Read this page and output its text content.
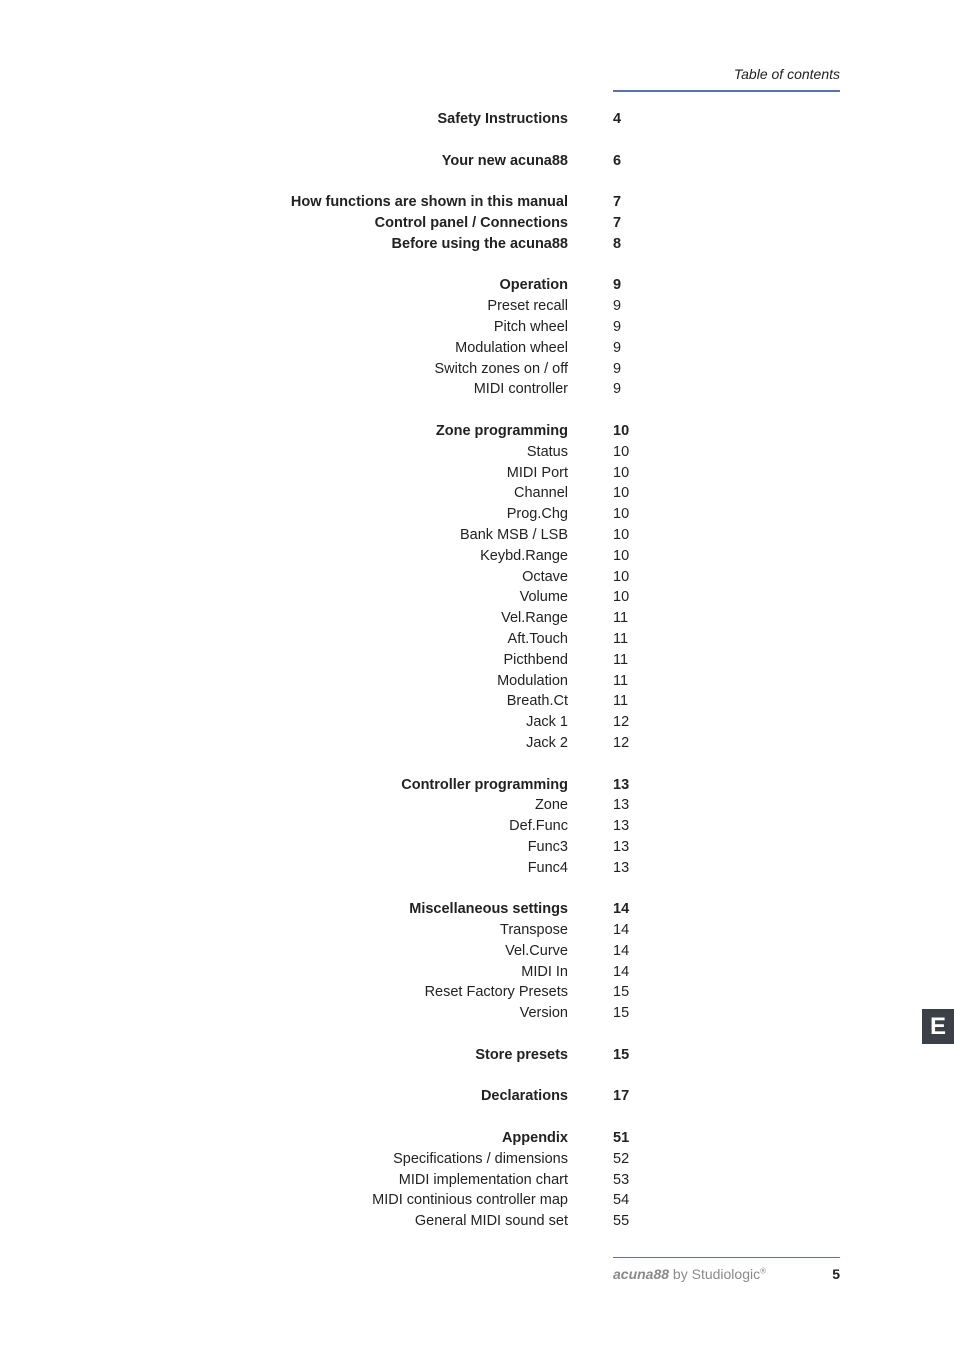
Table of contents
Safety Instructions	4
Your new acuna88	6
How functions are shown in this manual	7
Control panel / Connections	7
Before using the acuna88	8
Operation	9
Preset recall	9
Pitch wheel	9
Modulation wheel	9
Switch zones on / off	9
MIDI controller	9
Zone programming	10
Status	10
MIDI Port	10
Channel	10
Prog.Chg	10
Bank MSB / LSB	10
Keybd.Range	10
Octave	10
Volume	10
Vel.Range	11
Aft.Touch	11
Picthbend	11
Modulation	11
Breath.Ct	11
Jack 1	12
Jack 2	12
Controller programming	13
Zone	13
Def.Func	13
Func3	13
Func4	13
Miscellaneous settings	14
Transpose	14
Vel.Curve	14
MIDI In	14
Reset Factory Presets	15
Version	15
Store presets	15
Declarations	17
Appendix	51
Specifications / dimensions	52
MIDI implementation chart	53
MIDI continious controller map	54
General MIDI sound set	55
acuna88 by Studiologic®	5
E
